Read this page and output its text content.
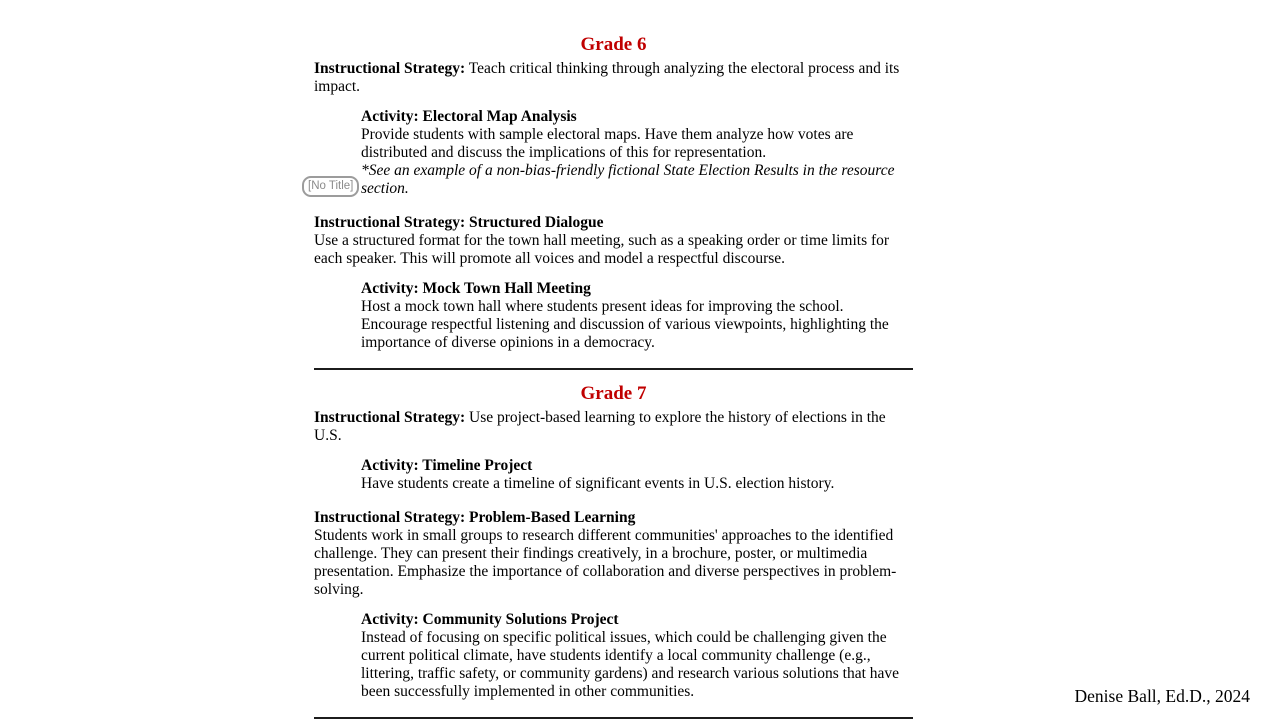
Grade 6

Instructional Strategy: Teach critical thinking through analyzing the electoral process and its impact.

Activity: Electoral Map Analysis

Provide students with sample electoral maps. Have them analyze how votes are distributed and discuss the implications of this for representation.

*See an example of a non-bias-friendly fictional State Election Results in the resource section.

Instructional Strategy: Structured Dialogue
Use a structured format for the town hall meeting, such as a speaking order or time limits for each speaker. This will promote all voices and model a respectful discourse.

Activity: Mock Town Hall Meeting

Host a mock town hall where students present ideas for improving the school. Encourage respectful listening and discussion of various viewpoints, highlighting the importance of diverse opinions in a democracy.

Grade 7

Instructional Strategy: Use project-based learning to explore the history of elections in the U.S.

Activity: Timeline Project

Have students create a timeline of significant events in U.S. election history.

Instructional Strategy: Problem-Based Learning
Students work in small groups to research different communities' approaches to the identified challenge. They can present their findings creatively, in a brochure, poster, or multimedia presentation. Emphasize the importance of collaboration and diverse perspectives in problem-solving.

Activity: Community Solutions Project

Instead of focusing on specific political issues, which could be challenging given the current political climate, have students identify a local community challenge (e.g., littering, traffic safety, or community gardens) and research various solutions that have been successfully implemented in other communities.

[No Title]
Denise Ball, Ed.D., 2024
